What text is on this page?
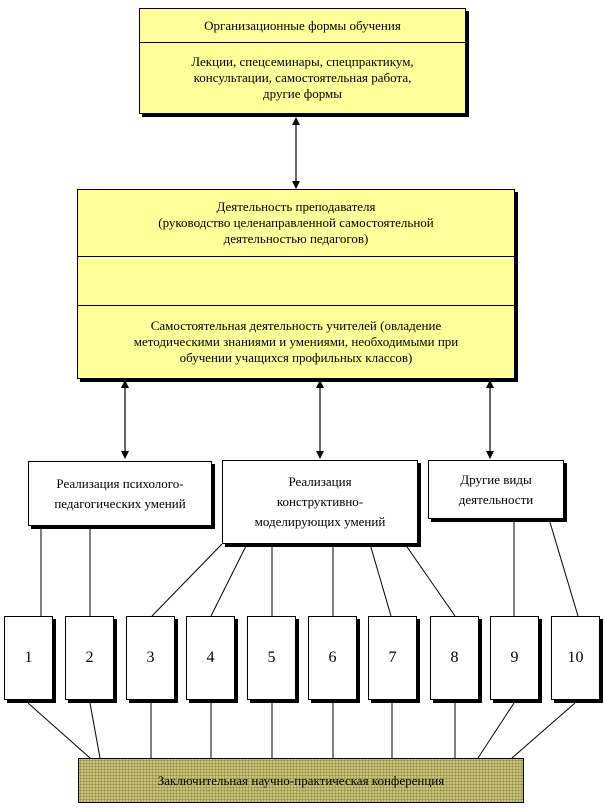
Организационные формы обучения
Лекции, спецсеминары, спецпрактикум,
консультации, самостоятельная работа,
другие формы
Деятельность преподавателя
(руководство целенаправленной самостоятельной
деятельностью педагогов)
Самостоятельная деятельность учителей (овладение
методическими знаниями и умениями, необходимыми при
обучении учащихся профильных классов)
Реализация психолого-
педагогических умений
Реализация
конструктивно-
моделирующих умений
Другие виды
деятельности
1	2	3	4	5	6	7	8	9	10
Заключительная научно-практическая конференция
